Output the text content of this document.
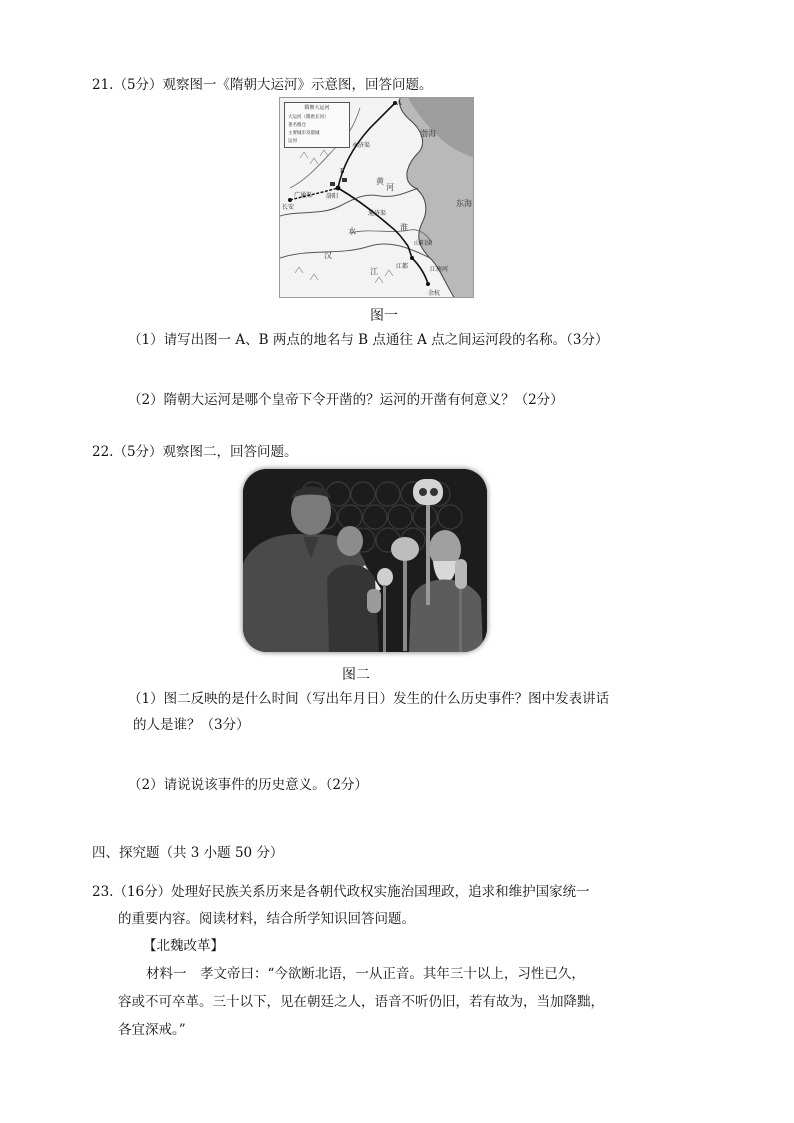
21.（5分）观察图一《隋朝大运河》示意图，回答问题。
隋朝大运河
大运河（隋唐长河）
著名粮仓
主要城市及都城
运河
长安
广通渠 洛阳
B
A
永济渠
通济渠
山阳渎
江南河
余杭
江都
渤海
东海
黄
河
汉
江
淮
水
图一
（1）请写出图一 A、B 两点的地名与 B 点通往 A 点之间运河段的名称。（3分）
（2）隋朝大运河是哪个皇帝下令开凿的？运河的开凿有何意义？（2分）
22.（5分）观察图二，回答问题。
图二
（1）图二反映的是什么时间（写出年月日）发生的什么历史事件？图中发表讲话
的人是谁？（3分）
（2）请说说该事件的历史意义。（2分）
四、探究题（共 3 小题 50 分）
23.（16分）处理好民族关系历来是各朝代政权实施治国理政，追求和维护国家统一
的重要内容。阅读材料，结合所学知识回答问题。
【北魏改革】
材料一　孝文帝曰：“今欲断北语，一从正音。其年三十以上，习性已久，
容或不可卒革。三十以下，见在朝廷之人，语音不听仍旧，若有故为，当加降黜，
各宜深戒。”
